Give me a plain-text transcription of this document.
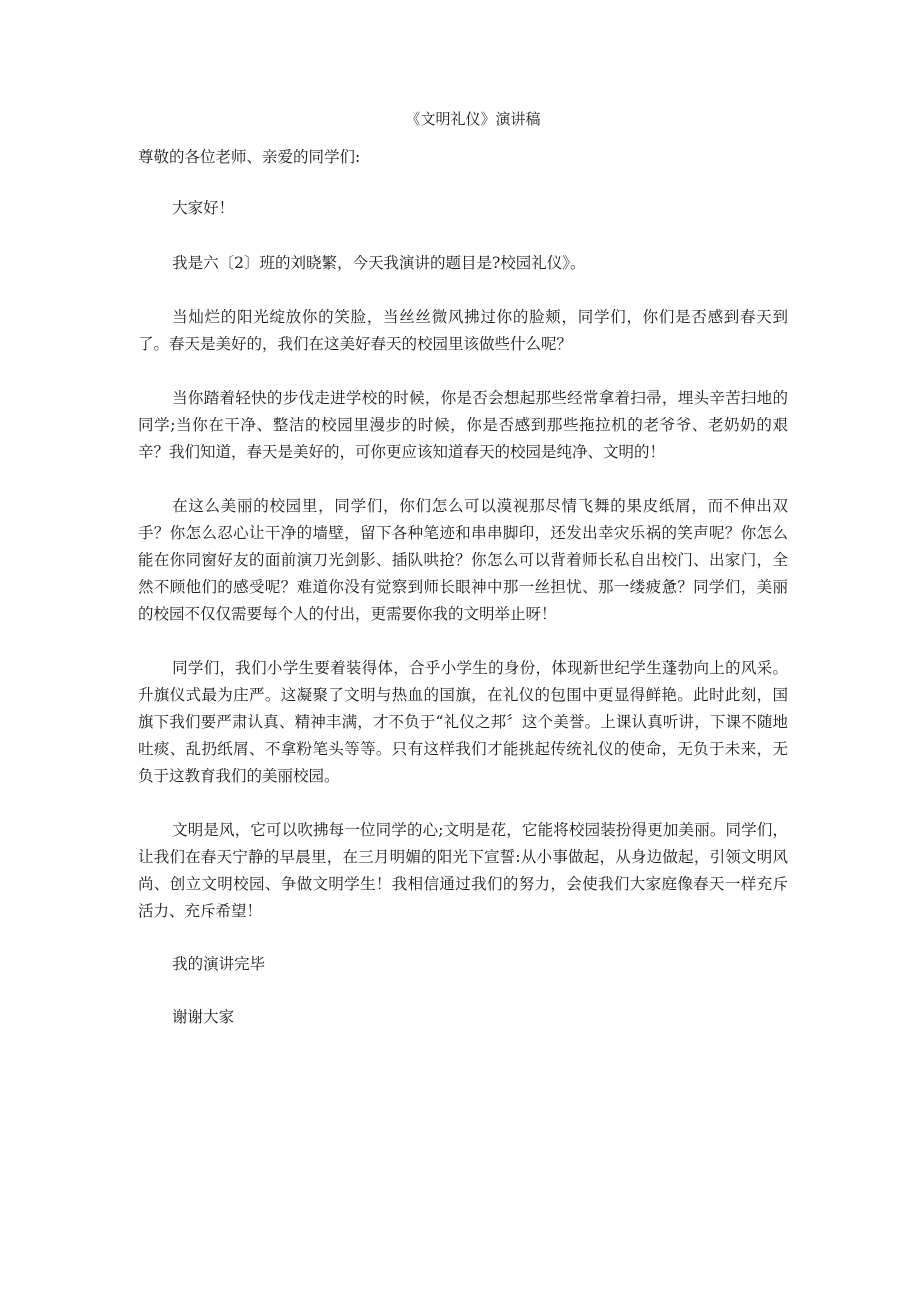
《文明礼仪》演讲稿

尊敬的各位老师、亲爱的同学们:

大家好！

我是六〔2〕班的刘晓繁，今天我演讲的题目是?校园礼仪》。

当灿烂的阳光绽放你的笑脸，当丝丝微风拂过你的脸颊，同学们，你们是否感到春天到了。春天是美好的，我们在这美好春天的校园里该做些什么呢？

当你踏着轻快的步伐走进学校的时候，你是否会想起那些经常拿着扫帚，埋头辛苦扫地的同学;当你在干净、整洁的校园里漫步的时候，你是否感到那些拖拉机的老爷爷、老奶奶的艰辛？我们知道，春天是美好的，可你更应该知道春天的校园是纯净、文明的！

在这么美丽的校园里，同学们，你们怎么可以漠视那尽情飞舞的果皮纸屑，而不伸出双手？你怎么忍心让干净的墙壁，留下各种笔迹和串串脚印，还发出幸灾乐祸的笑声呢？你怎么能在你同窗好友的面前演刀光剑影、插队哄抢？你怎么可以背着师长私自出校门、出家门，全然不顾他们的感受呢？难道你没有觉察到师长眼神中那一丝担忧、那一缕疲惫？同学们，美丽的校园不仅仅需要每个人的付出，更需要你我的文明举止呀！

同学们，我们小学生要着装得体，合乎小学生的身份，体现新世纪学生蓬勃向上的风采。升旗仪式最为庄严。这凝聚了文明与热血的国旗，在礼仪的包围中更显得鲜艳。此时此刻，国旗下我们要严肃认真、精神丰满，才不负于“礼仪之邦〞这个美誉。上课认真听讲，下课不随地吐痰、乱扔纸屑、不拿粉笔头等等。只有这样我们才能挑起传统礼仪的使命，无负于未来，无负于这教育我们的美丽校园。

文明是风，它可以吹拂每一位同学的心;文明是花，它能将校园装扮得更加美丽。同学们，让我们在春天宁静的早晨里，在三月明媚的阳光下宣誓:从小事做起，从身边做起，引领文明风尚、创立文明校园、争做文明学生！我相信通过我们的努力，会使我们大家庭像春天一样充斥活力、充斥希望！

我的演讲完毕

谢谢大家
